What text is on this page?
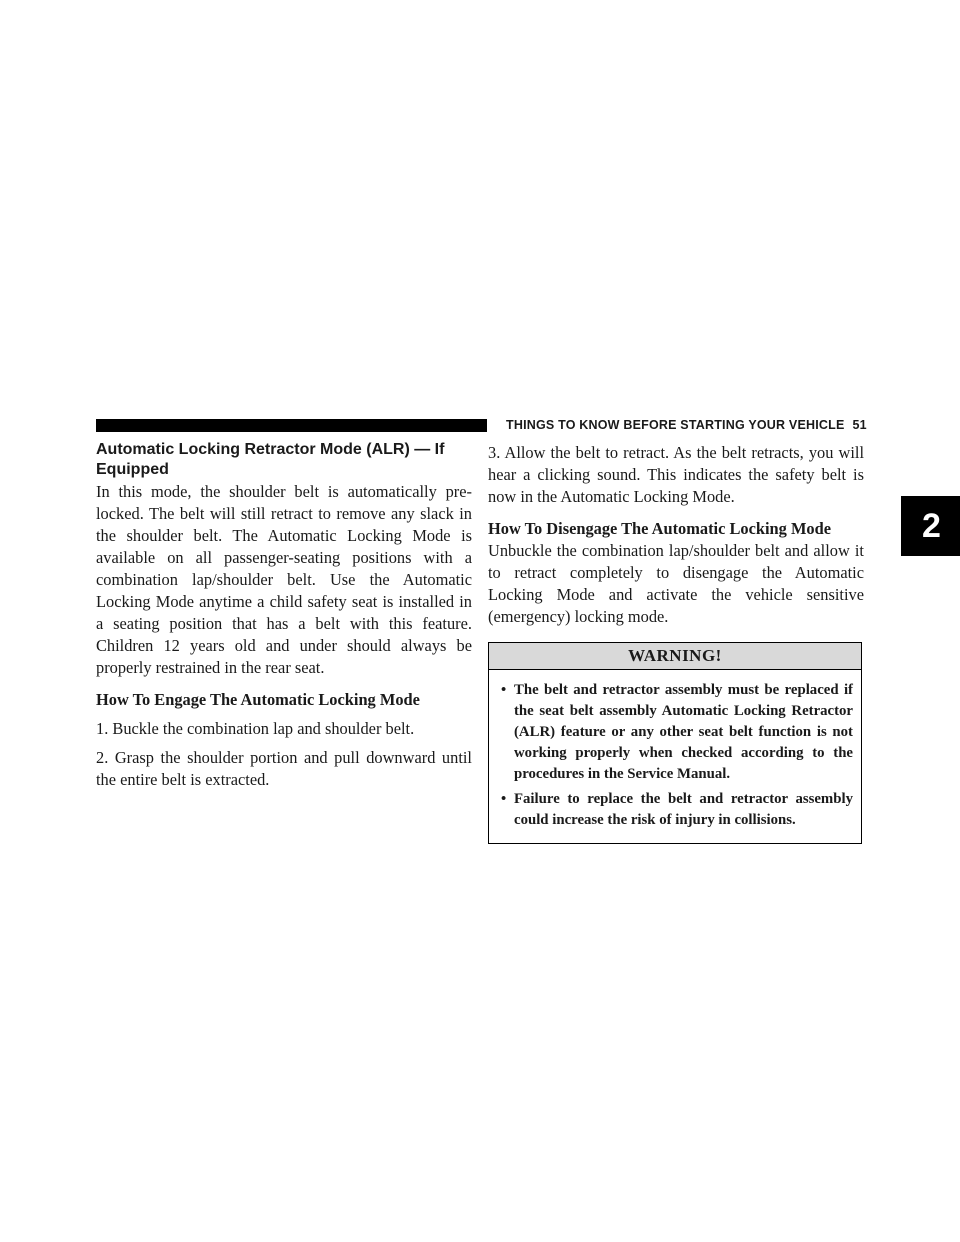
THINGS TO KNOW BEFORE STARTING YOUR VEHICLE 51
2
Automatic Locking Retractor Mode (ALR) — If Equipped

In this mode, the shoulder belt is automatically pre-locked. The belt will still retract to remove any slack in the shoulder belt. The Automatic Locking Mode is available on all passenger-seating positions with a combination lap/shoulder belt. Use the Automatic Locking Mode anytime a child safety seat is installed in a seating position that has a belt with this feature. Children 12 years old and under should always be properly restrained in the rear seat.

How To Engage The Automatic Locking Mode

1. Buckle the combination lap and shoulder belt.

2. Grasp the shoulder portion and pull downward until the entire belt is extracted.

3. Allow the belt to retract. As the belt retracts, you will hear a clicking sound. This indicates the safety belt is now in the Automatic Locking Mode.

How To Disengage The Automatic Locking Mode

Unbuckle the combination lap/shoulder belt and allow it to retract completely to disengage the Automatic Locking Mode and activate the vehicle sensitive (emergency) locking mode.

WARNING!
• The belt and retractor assembly must be replaced if the seat belt assembly Automatic Locking Retractor (ALR) feature or any other seat belt function is not working properly when checked according to the procedures in the Service Manual.
• Failure to replace the belt and retractor assembly could increase the risk of injury in collisions.
